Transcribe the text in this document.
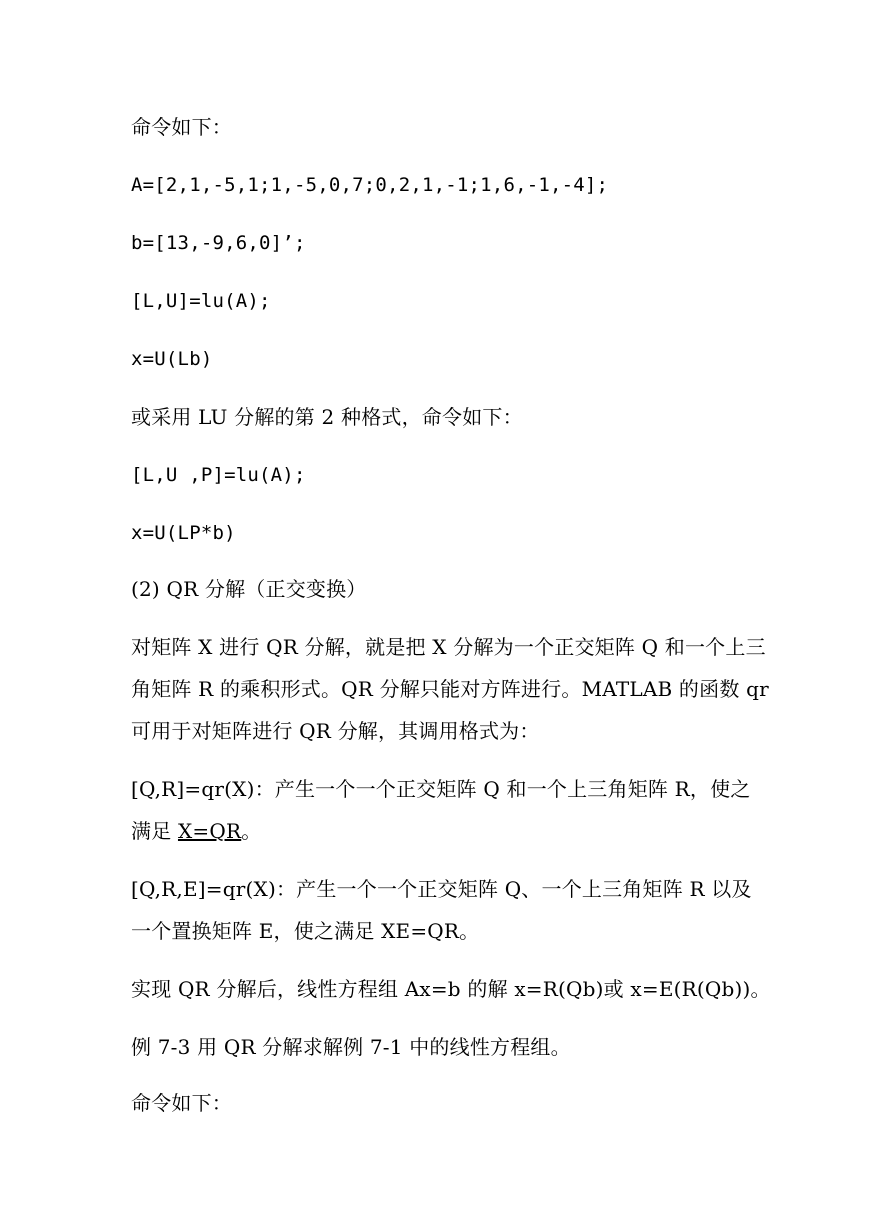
命令如下：
A=[2,1,-5,1;1,-5,0,7;0,2,1,-1;1,6,-1,-4];
b=[13,-9,6,0]’;
[L,U]=lu(A);
x=U(Lb)
或采用 LU 分解的第 2 种格式，命令如下：
[L,U ,P]=lu(A);
x=U(LP*b)
(2) QR 分解（正交变换）
对矩阵 X 进行 QR 分解，就是把 X 分解为一个正交矩阵 Q 和一个上三
角矩阵 R 的乘积形式。QR 分解只能对方阵进行。MATLAB 的函数 qr
可用于对矩阵进行 QR 分解，其调用格式为：
[Q,R]=qr(X)：产生一个一个正交矩阵 Q 和一个上三角矩阵 R，使之
满足 X=QR。
[Q,R,E]=qr(X)：产生一个一个正交矩阵 Q、一个上三角矩阵 R 以及
一个置换矩阵 E，使之满足 XE=QR。
实现 QR 分解后，线性方程组 Ax=b 的解 x=R(Qb)或 x=E(R(Qb))。
例 7-3 用 QR 分解求解例 7-1 中的线性方程组。
命令如下：
